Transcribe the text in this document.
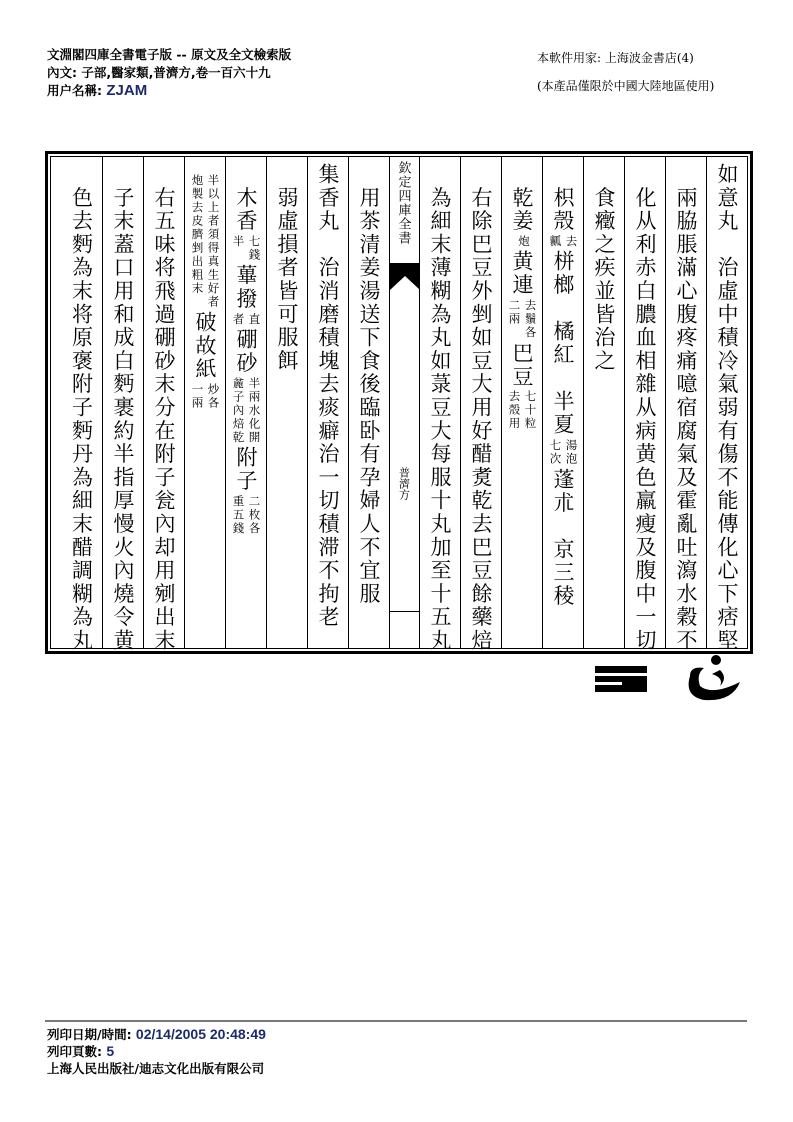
文淵閣四庫全書電子版 -- 原文及全文檢索版
內文: 子部,醫家類,普濟方,卷一百六十九
用户名稱: ZJAM
本軟件用家: 上海波金書店(4)
(本產品僅限於中國大陸地區使用)
如意丸　治虛中積冷氣弱有傷不能傳化心下痞堅
　兩脇脹滿心腹疼痛噫宿腐氣及霍亂吐瀉水穀不
　化从利赤白膿血相雜从病黄色羸瘦及腹中一切
　食癥之疾並皆治之
　枳殼
去
瓤
栟榔　橘紅　半夏
湯泡
七次
蓬朮　京三稜
　乾姜
炮
黄連
去鬚各
二兩
巴豆
七十粒
去殼用
　右除巴豆外剉如豆大用好醋煑乾去巴豆餘藥焙
　為細末薄糊為丸如菉豆大每服十丸加至十五丸
欽定四庫全書
普濟方
　用茶清姜湯送下食後臨卧有孕婦人不宜服
集香丸　治消磨積塊去痰癖治一切積滞不拘老
　弱虛損者皆可服餌
　木香
七錢
半
蓽撥
直
者
硼砂
半兩水化開
麄子內焙乾
附子
二枚各
重五錢

半以上者須得真生好者
炮製去皮臍剉出粗末
破故紙
炒各
一兩
　右五味将飛過硼砂末分在附子瓮內却用剜出末
　子末蓋口用和成白麪裹約半指厚慢火內燒令黄
　色去麪為末将原褒附子麪丹為細末醋調糊為丸
列印日期/時間: 02/14/2005 20:48:49
列印頁數: 5
上海人民出版社/迪志文化出版有限公司
